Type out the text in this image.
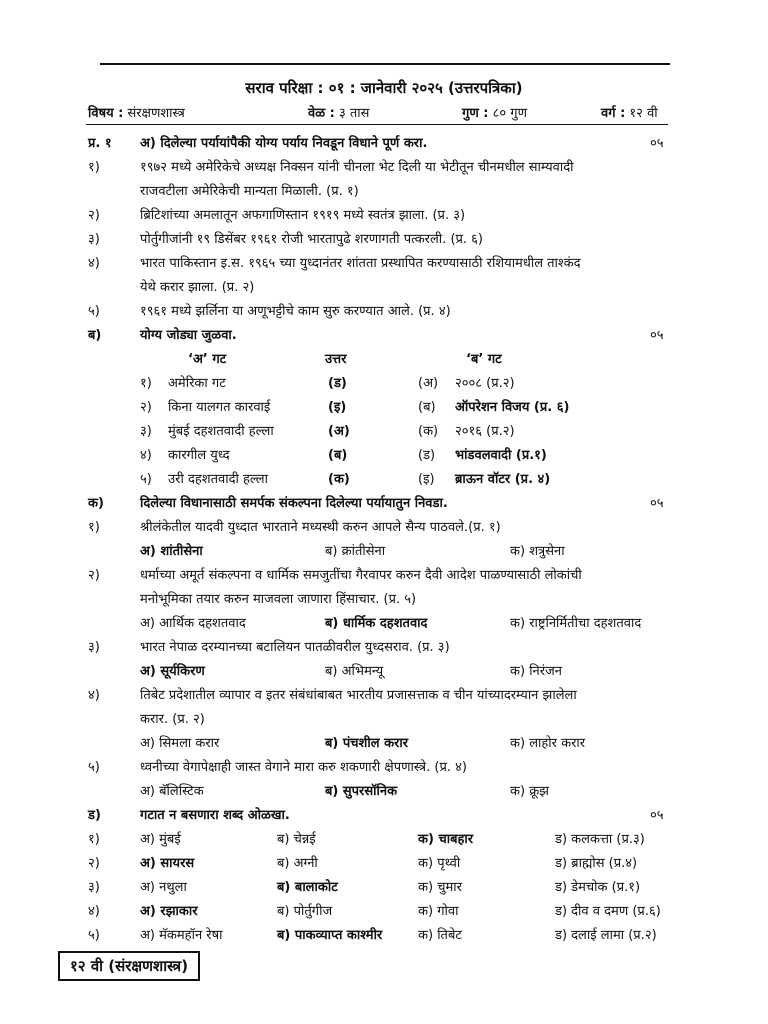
सराव परिक्षा : ०१ : जानेवारी २०२५ (उत्तरपत्रिका)
विषय : संरक्षणशास्त्र	वेळ : ३ तास	गुण : ८० गुण	वर्ग : १२ वी
प्र. १ अ) दिलेल्या पर्यायांपैकी योग्य पर्याय निवडून विधाने पूर्ण करा.	०५
१)	१९७२ मध्ये अमेरिकेचे अध्यक्ष निक्सन यांनी चीनला भेट दिली या भेटीतून चीनमधील साम्यवादी
राजवटीला अमेरिकेची मान्यता मिळाली. (प्र. १)
२)	ब्रिटिशांच्या अमलातून अफगाणिस्तान १९१९ मध्ये स्वतंत्र झाला. (प्र. ३)
३)	पोर्तुगीजांनी १९ डिसेंबर १९६१ रोजी भारतापुढे शरणागती पत्करली. (प्र. ६)
४)	भारत पाकिस्तान इ.स. १९६५ च्या युध्दानंतर शांतता प्रस्थापित करण्यासाठी रशियामधील ताश्कंद
येथे करार झाला. (प्र. २)
५)	१९६१ मध्ये झर्लिना या अणूभट्टीचे काम सुरु करण्यात आले. (प्र. ४)
ब)	योग्य जोड्या जुळवा.	०५
‘अ’ गट	उत्तर	‘ब’ गट
१) अमेरिका गट	(ड)	(अ) २००८ (प्र.२)
२) किना यालगत कारवाई	(इ)	(ब) ऑपरेशन विजय (प्र. ६)
३) मुंबई दहशतवादी हल्ला	(अ)	(क) २०१६ (प्र.२)
४) कारगील युध्द	(ब)	(ड) भांडवलवादी (प्र.१)
५) उरी दहशतवादी हल्ला	(क)	(इ) ब्राऊन वॉटर (प्र. ४)
क)	दिलेल्या विधानासाठी समर्पक संकल्पना दिलेल्या पर्यायातुन निवडा.	०५
१)	श्रीलंकेतील यादवी युध्दात भारताने मध्यस्थी करुन आपले सैन्य पाठवले.(प्र. १)
अ) शांतीसेना	ब) क्रांतीसेना	क) शत्रुसेना
२)	धर्माच्या अमूर्त संकल्पना व धार्मिक समजुतींचा गैरवापर करुन दैवी आदेश पाळण्यासाठी लोकांची
मनोभूमिका तयार करुन माजवला जाणारा हिंसाचार. (प्र. ५)
अ) आर्थिक दहशतवाद	ब) धार्मिक दहशतवाद	क) राष्ट्रनिर्मितीचा दहशतवाद
३)	भारत नेपाळ दरम्यानच्या बटालियन पातळीवरील युध्दसराव. (प्र. ३)
अ) सूर्यकिरण	ब) अभिमन्यू	क) निरंजन
४)	तिबेट प्रदेशातील व्यापार व इतर संबंधांबाबत भारतीय प्रजासत्ताक व चीन यांच्यादरम्यान झालेला
करार. (प्र. २)
अ) सिमला करार	ब) पंचशील करार	क) लाहोर करार
५)	ध्वनीच्या वेगापेक्षाही जास्त वेगाने मारा करु शकणारी क्षेपणास्त्रे. (प्र. ४)
अ) बॅलिस्टिक	ब) सुपरसॉनिक	क) क्रूझ
ड)	गटात न बसणारा शब्द ओळखा.	०५
१)	अ) मुंबई	ब) चेन्नई	क) चाबहार	ड) कलकत्ता (प्र.३)
२)	अ) सायरस	ब) अग्नी	क) पृथ्वी	ड) ब्राह्मोस (प्र.४)
३)	अ) नथुला	ब) बालाकोट	क) चुमार	ड) डेमचोक (प्र.१)
४)	अ) रझाकार	ब) पोर्तुगीज	क) गोवा	ड) दीव व दमण (प्र.६)
५)	अ) मॅकमहॉन रेषा	ब) पाकव्याप्त काश्मीर	क) तिबेट	ड) दलाई लामा (प्र.२)
१२ वी (संरक्षणशास्त्र)
